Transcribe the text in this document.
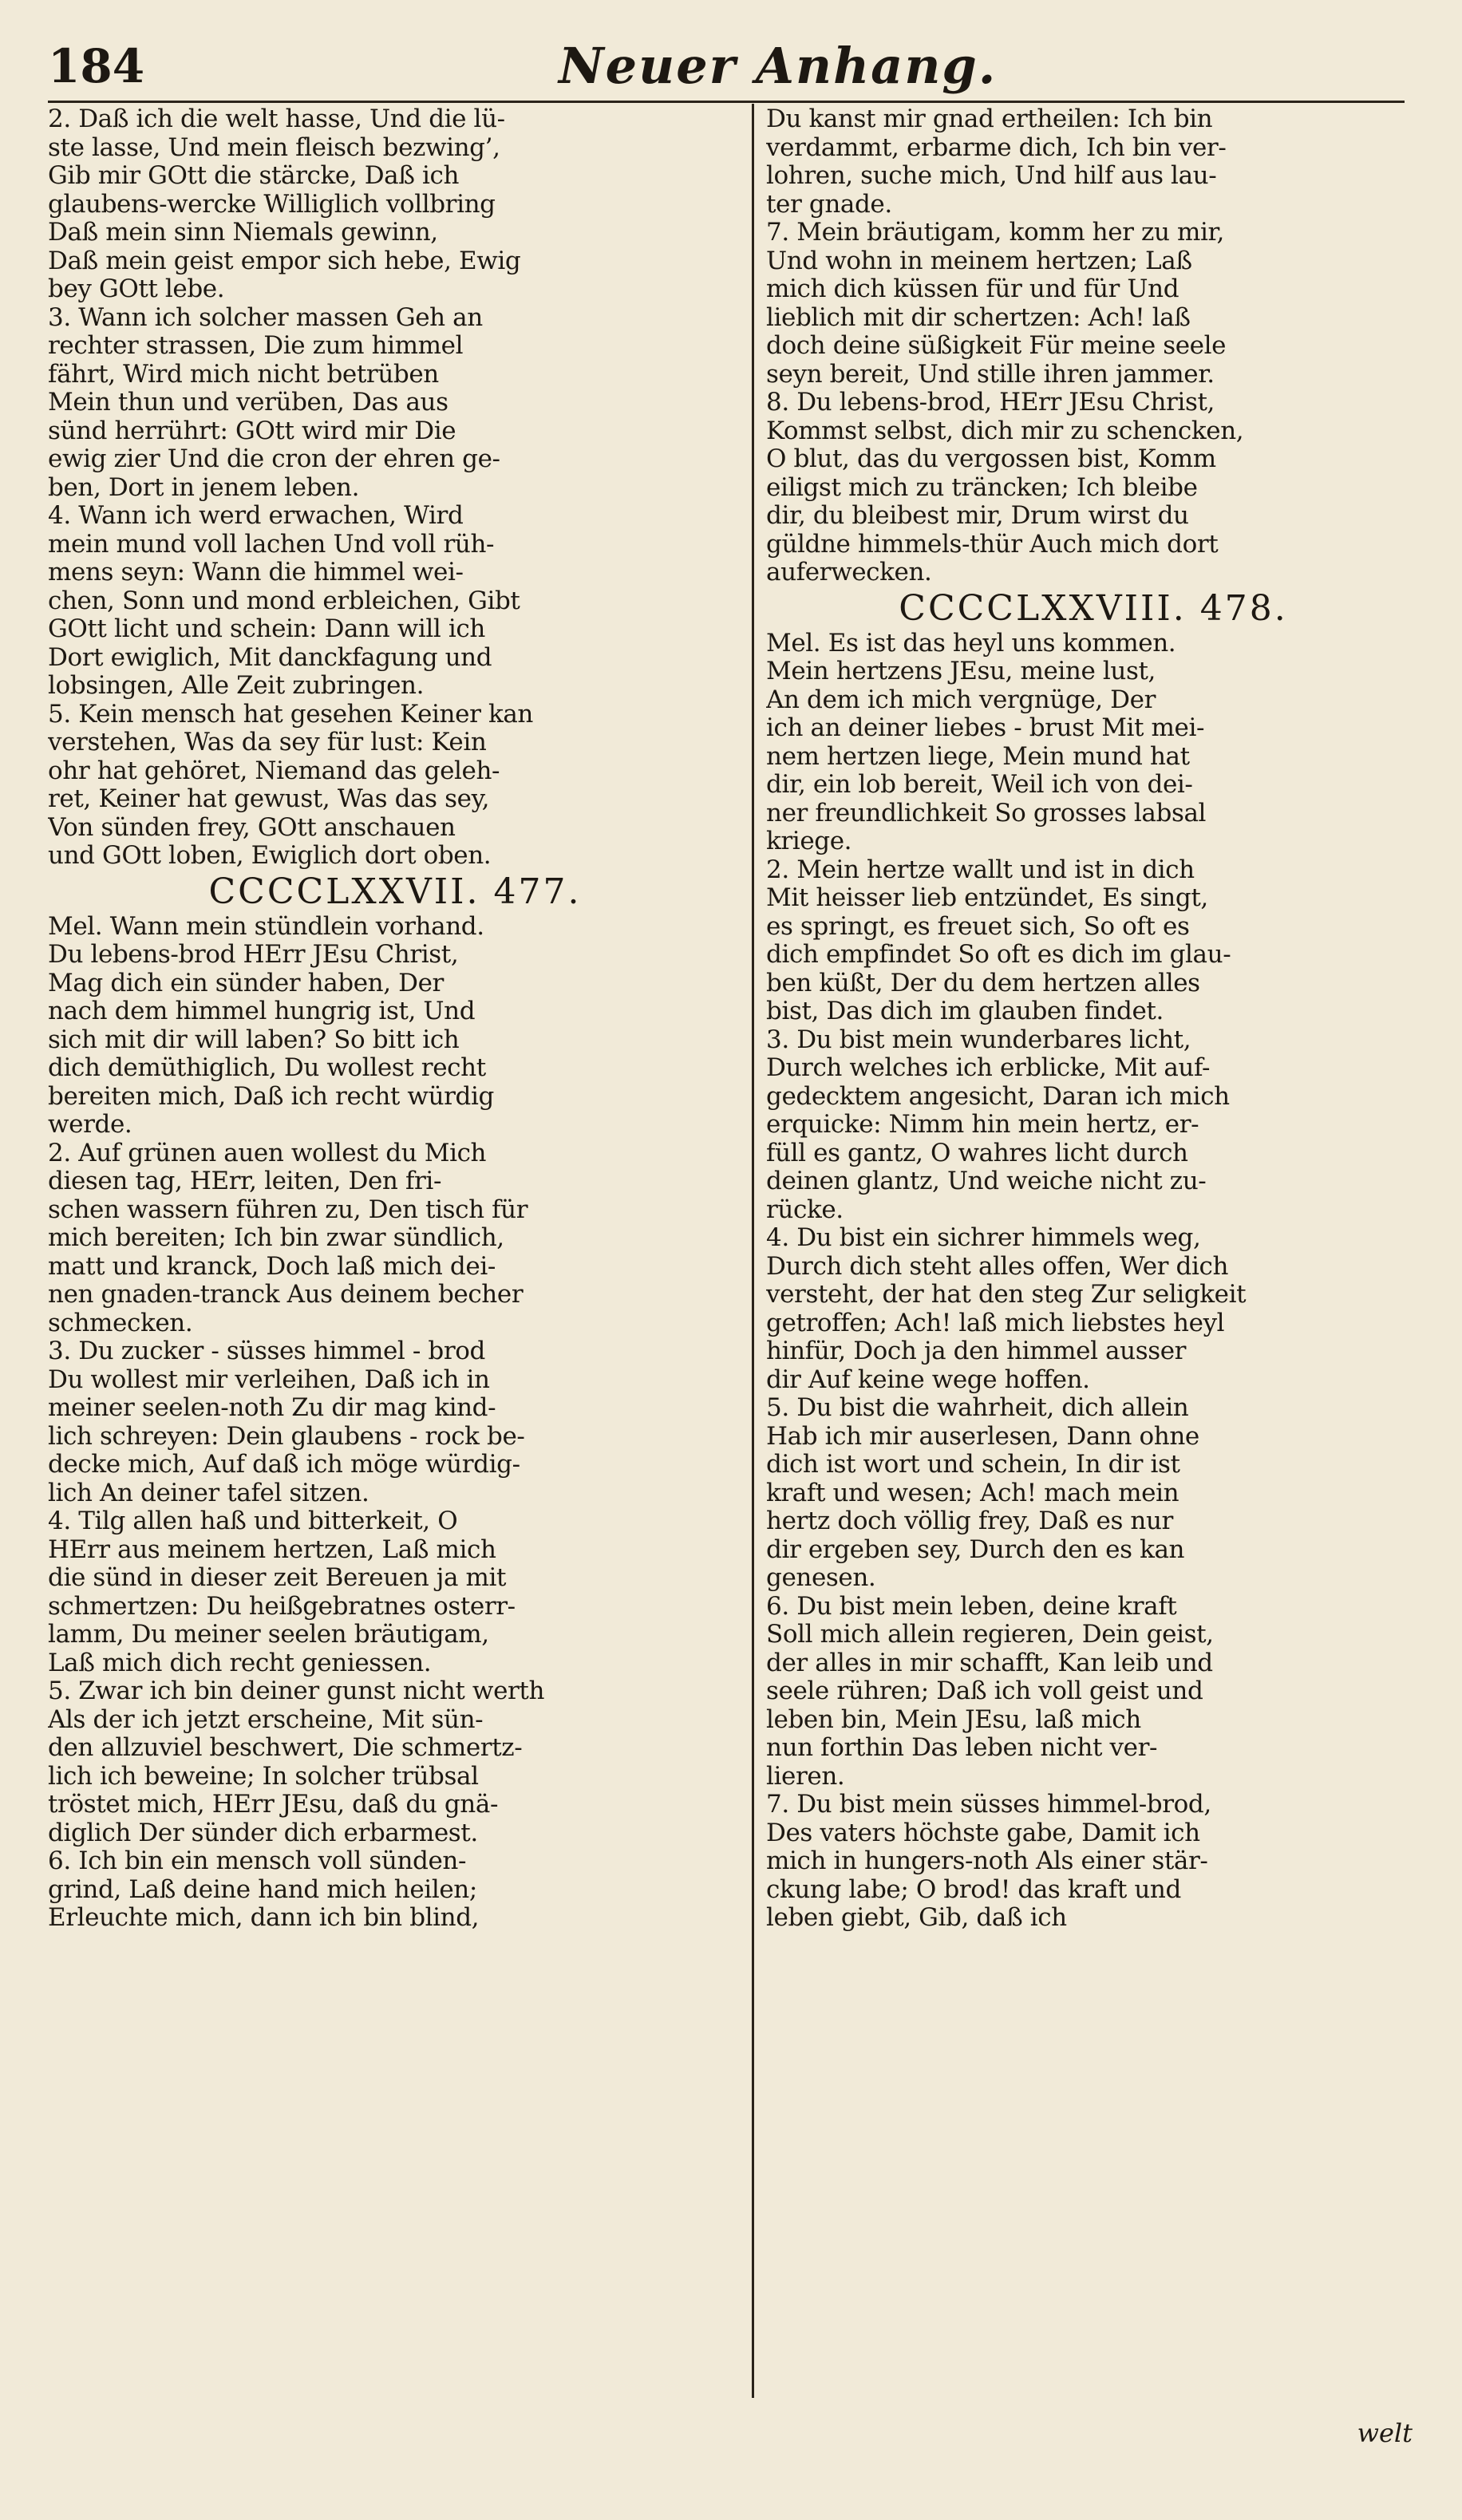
184	Neuer Anhang.
2. Daß ich die welt hasse, Und die lü-
ste lasse, Und mein fleisch bezwing’,
Gib mir GOtt die stärcke, Daß ich
glaubens-wercke Williglich vollbring
Daß mein sinn Niemals gewinn,
Daß mein geist empor sich hebe, Ewig
bey GOtt lebe.
3. Wann ich solcher massen Geh an
rechter strassen, Die zum himmel
fährt, Wird mich nicht betrüben
Mein thun und verüben, Das aus
sünd herrührt: GOtt wird mir Die
ewig zier Und die cron der ehren ge-
ben, Dort in jenem leben.
4. Wann ich werd erwachen, Wird
mein mund voll lachen Und voll rüh-
mens seyn: Wann die himmel wei-
chen, Sonn und mond erbleichen, Gibt
GOtt licht und schein: Dann will ich
Dort ewiglich, Mit danckfagung und
lobsingen, Alle Zeit zubringen.
5. Kein mensch hat gesehen Keiner kan
verstehen, Was da sey für lust: Kein
ohr hat gehöret, Niemand das geleh-
ret, Keiner hat gewust, Was das sey,
Von sünden frey, GOtt anschauen
und GOtt loben, Ewiglich dort oben.
CCCCLXXVII. 477.
Mel. Wann mein stündlein vorhand.
Du lebens-brod HErr JEsu Christ,
Mag dich ein sünder haben, Der
nach dem himmel hungrig ist, Und
sich mit dir will laben? So bitt ich
dich demüthiglich, Du wollest recht
bereiten mich, Daß ich recht würdig
werde.
2. Auf grünen auen wollest du Mich
diesen tag, HErr, leiten, Den fri-
schen wassern führen zu, Den tisch für
mich bereiten; Ich bin zwar sündlich,
matt und kranck, Doch laß mich dei-
nen gnaden-tranck Aus deinem becher
schmecken.
3. Du zucker - süsses himmel - brod
Du wollest mir verleihen, Daß ich in
meiner seelen-noth Zu dir mag kind-
lich schreyen: Dein glaubens - rock be-
decke mich, Auf daß ich möge würdig-
lich An deiner tafel sitzen.
4. Tilg allen haß und bitterkeit, O
HErr aus meinem hertzen, Laß mich
die sünd in dieser zeit Bereuen ja mit
schmertzen: Du heißgebratnes osterr-
lamm, Du meiner seelen bräutigam,
Laß mich dich recht geniessen.
5. Zwar ich bin deiner gunst nicht werth
Als der ich jetzt erscheine, Mit sün-
den allzuviel beschwert, Die schmertz-
lich ich beweine; In solcher trübsal
tröstet mich, HErr JEsu, daß du gnä-
diglich Der sünder dich erbarmest.
6. Ich bin ein mensch voll sünden-
grind, Laß deine hand mich heilen;
Erleuchte mich, dann ich bin blind,
Du kanst mir gnad ertheilen: Ich bin
verdammt, erbarme dich, Ich bin ver-
lohren, suche mich, Und hilf aus lau-
ter gnade.
7. Mein bräutigam, komm her zu mir,
Und wohn in meinem hertzen; Laß
mich dich küssen für und für Und
lieblich mit dir schertzen: Ach! laß
doch deine süßigkeit Für meine seele
seyn bereit, Und stille ihren jammer.
8. Du lebens-brod, HErr JEsu Christ,
Kommst selbst, dich mir zu schencken,
O blut, das du vergossen bist, Komm
eiligst mich zu träncken; Ich bleibe
dir, du bleibest mir, Drum wirst du
güldne himmels-thür Auch mich dort
auferwecken.
CCCCLXXVIII. 478.
Mel. Es ist das heyl uns kommen.
Mein hertzens JEsu, meine lust,
An dem ich mich vergnüge, Der
ich an deiner liebes - brust Mit mei-
nem hertzen liege, Mein mund hat
dir, ein lob bereit, Weil ich von dei-
ner freundlichkeit So grosses labsal
kriege.
2. Mein hertze wallt und ist in dich
Mit heisser lieb entzündet, Es singt,
es springt, es freuet sich, So oft es
dich empfindet So oft es dich im glau-
ben küßt, Der du dem hertzen alles
bist, Das dich im glauben findet.
3. Du bist mein wunderbares licht,
Durch welches ich erblicke, Mit auf-
gedecktem angesicht, Daran ich mich
erquicke: Nimm hin mein hertz, er-
füll es gantz, O wahres licht durch
deinen glantz, Und weiche nicht zu-
rücke.
4. Du bist ein sichrer himmels weg,
Durch dich steht alles offen, Wer dich
versteht, der hat den steg Zur seligkeit
getroffen; Ach! laß mich liebstes heyl
hinfür, Doch ja den himmel ausser
dir Auf keine wege hoffen.
5. Du bist die wahrheit, dich allein
Hab ich mir auserlesen, Dann ohne
dich ist wort und schein, In dir ist
kraft und wesen; Ach! mach mein
hertz doch völlig frey, Daß es nur
dir ergeben sey, Durch den es kan
genesen.
6. Du bist mein leben, deine kraft
Soll mich allein regieren, Dein geist,
der alles in mir schafft, Kan leib und
seele rühren; Daß ich voll geist und
leben bin, Mein JEsu, laß mich
nun forthin Das leben nicht ver-
lieren.
7. Du bist mein süsses himmel-brod,
Des vaters höchste gabe, Damit ich
mich in hungers-noth Als einer stär-
ckung labe; O brod! das kraft und
leben giebt, Gib, daß ich
welt
